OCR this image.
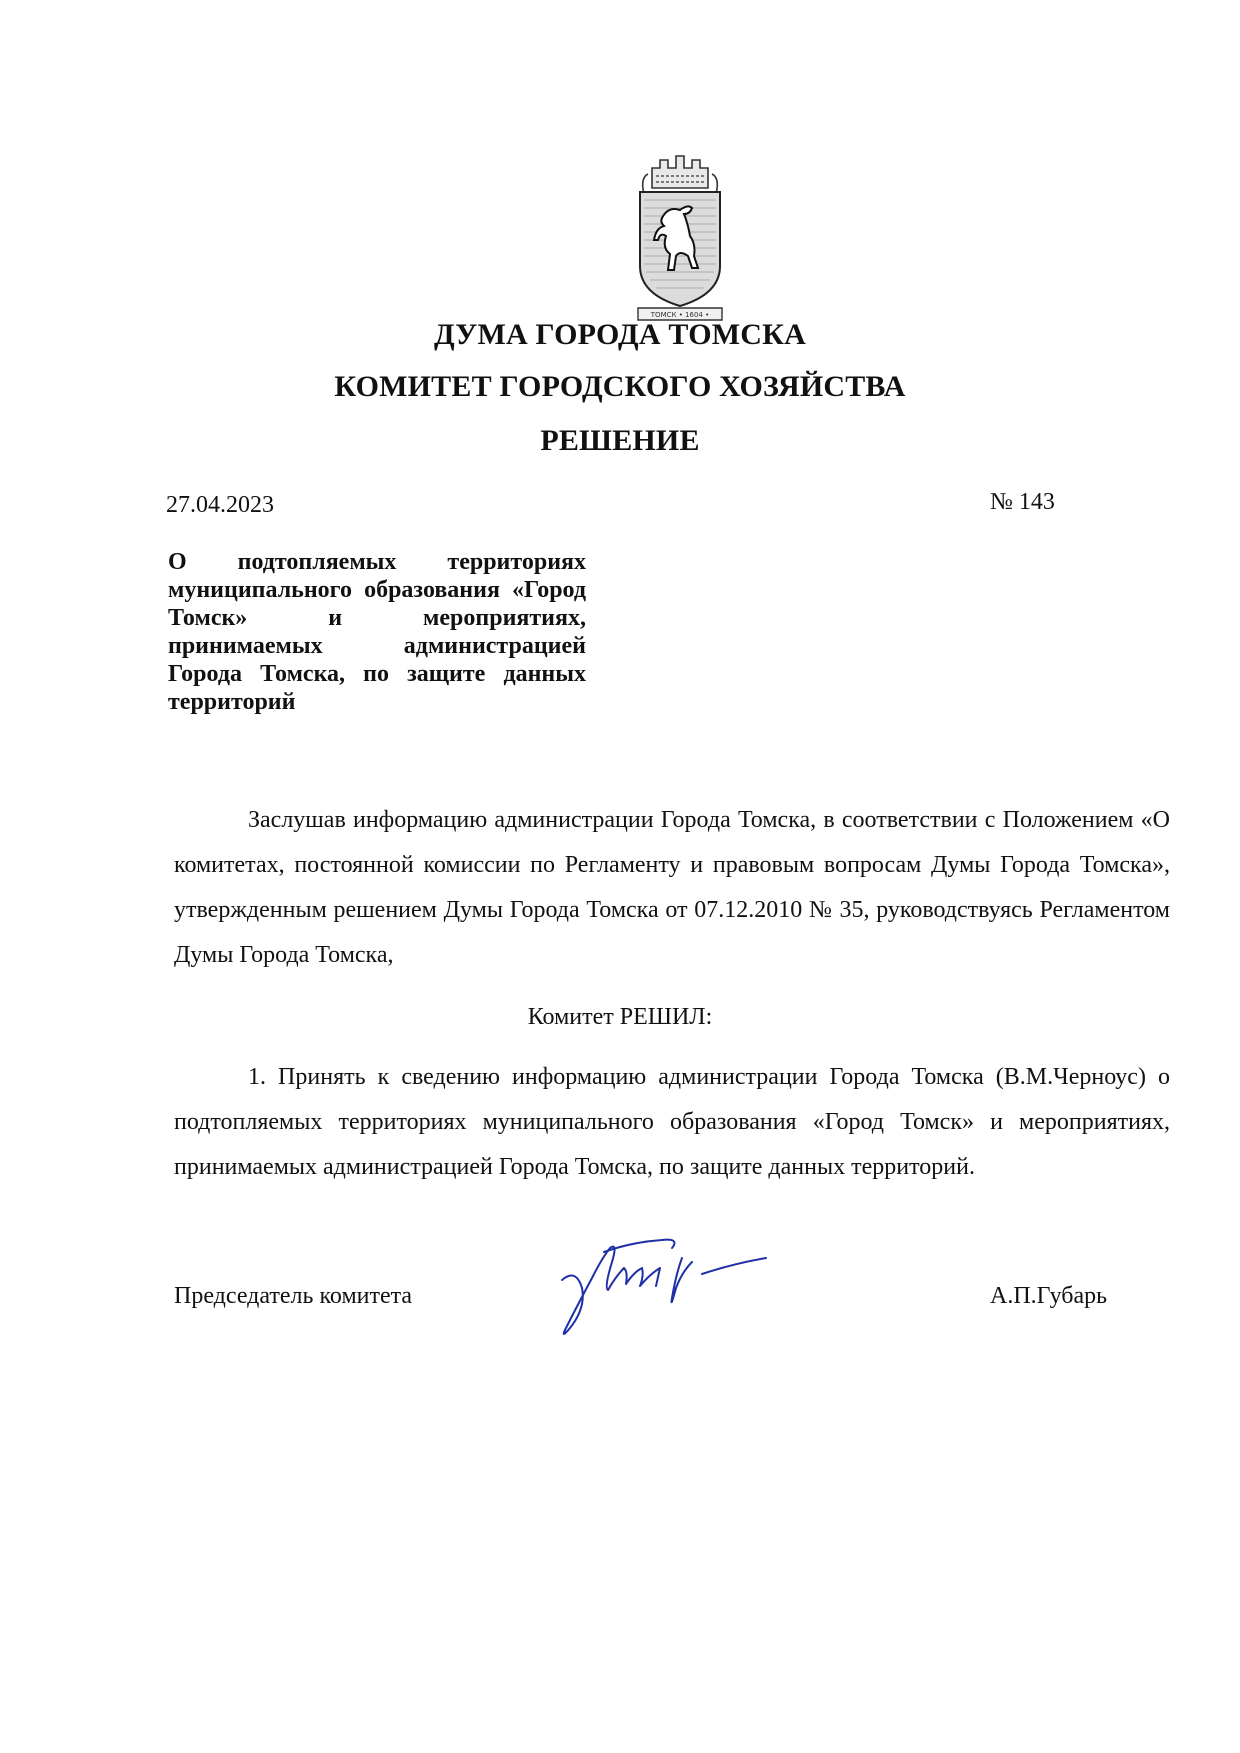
ТОМСК • 1604 •
ДУМА ГОРОДА ТОМСКА
КОМИТЕТ ГОРОДСКОГО ХОЗЯЙСТВА
РЕШЕНИЕ
27.04.2023	№ 143
О подтопляемых территориях муниципального образования «Город Томск» и мероприятиях, принимаемых администрацией Города Томска, по защите данных территорий
Заслушав информацию администрации Города Томска, в соответствии с Положением «О комитетах, постоянной комиссии по Регламенту и правовым вопросам Думы Города Томска», утвержденным решением Думы Города Томска от 07.12.2010 № 35, руководствуясь Регламентом Думы Города Томска,
Комитет РЕШИЛ:
1. Принять к сведению информацию администрации Города Томска (В.М.Черноус) о подтопляемых территориях муниципального образования «Город Томск» и мероприятиях, принимаемых администрацией Города Томска, по защите данных территорий.
Председатель комитета	А.П.Губарь
